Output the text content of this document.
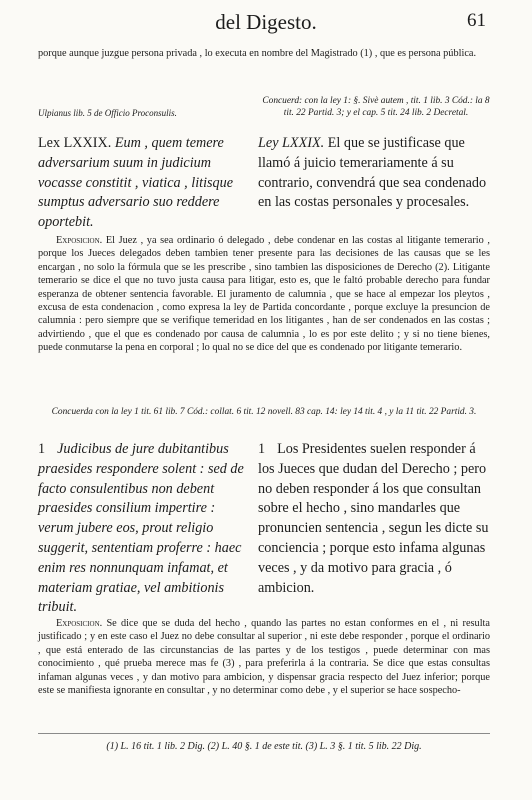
del Digesto.	61
porque aunque juzgue persona privada , lo executa en nombre del Magistrado (1) , que es persona pública.
Ulpianus lib. 5 de Officio Proconsulis.
Concuerd: con la ley 1: §. Sivè autem , tit. 1 lib. 3 Cód.: la 8 tit. 22 Partid. 3; y el cap. 5 tit. 24 lib. 2 Decretal.
Lex LXXIX. Eum , quem temere adversarium suum in judicium vocasse constitit , viatica , litisque sumptus adversario suo reddere oportebit.
Ley LXXIX. El que se justificase que llamó á juicio temerariamente á su contrario, convendrá que sea condenado en las costas personales y procesales.
Exposicion. El Juez , ya sea ordinario ó delegado , debe condenar en las costas al litigante temerario , porque los Jueces delegados deben tambien tener presente para las decisiones de las causas que se les encargan , no solo la fórmula que se les prescribe , sino tambien las disposiciones de Derecho (2). Litigante temerario se dice el que no tuvo justa causa para litigar, esto es, que le faltó probable derecho para fundar esperanza de obtener sentencia favorable. El juramento de calumnia , que se hace al empezar los pleytos , excusa de esta condenacion , como expresa la ley de Partida concordante , porque excluye la presuncion de calumnia : pero siempre que se verifique temeridad en los litigantes , han de ser condenados en las costas ; advirtiendo , que el que es condenado por causa de calumnia , lo es por este delito ; y si no tiene bienes, puede conmutarse la pena en corporal ; lo qual no se dice del que es condenado por litigante temerario.
Concuerda con la ley 1 tit. 61 lib. 7 Cód.: collat. 6 tit. 12 novell. 83 cap. 14: ley 14 tit. 4 , y la 11 tit. 22 Partid. 3.
1 Judicibus de jure dubitantibus praesides respondere solent : sed de facto consulentibus non debent praesides consilium impertire : verum jubere eos, prout religio suggerit, sententiam proferre : haec enim res nonnunquam infamat, et materiam gratiae, vel ambitionis tribuit.
1 Los Presidentes suelen responder á los Jueces que dudan del Derecho ; pero no deben responder á los que consultan sobre el hecho , sino mandarles que pronuncien sentencia , segun les dicte su conciencia ; porque esto infama algunas veces , y da motivo para gracia , ó ambicion.
Exposicion. Se dice que se duda del hecho , quando las partes no estan conformes en el , ni resulta justificado ; y en este caso el Juez no debe consultar al superior , ni este debe responder , porque el ordinario , que está enterado de las circunstancias de las partes y de los testigos , puede determinar con mas conocimiento , qué prueba merece mas fe (3) , para preferirla á la contraria. Se dice que estas consultas infaman algunas veces , y dan motivo para ambicion, y dispensar gracia respecto del Juez inferior; porque este se manifiesta ignorante en consultar , y no determinar como debe , y el superior se hace sospecho-
(1) L. 16 tit. 1 lib. 2 Dig. (2) L. 40 §. 1 de este tit. (3) L. 3 §. 1 tit. 5 lib. 22 Dig.
